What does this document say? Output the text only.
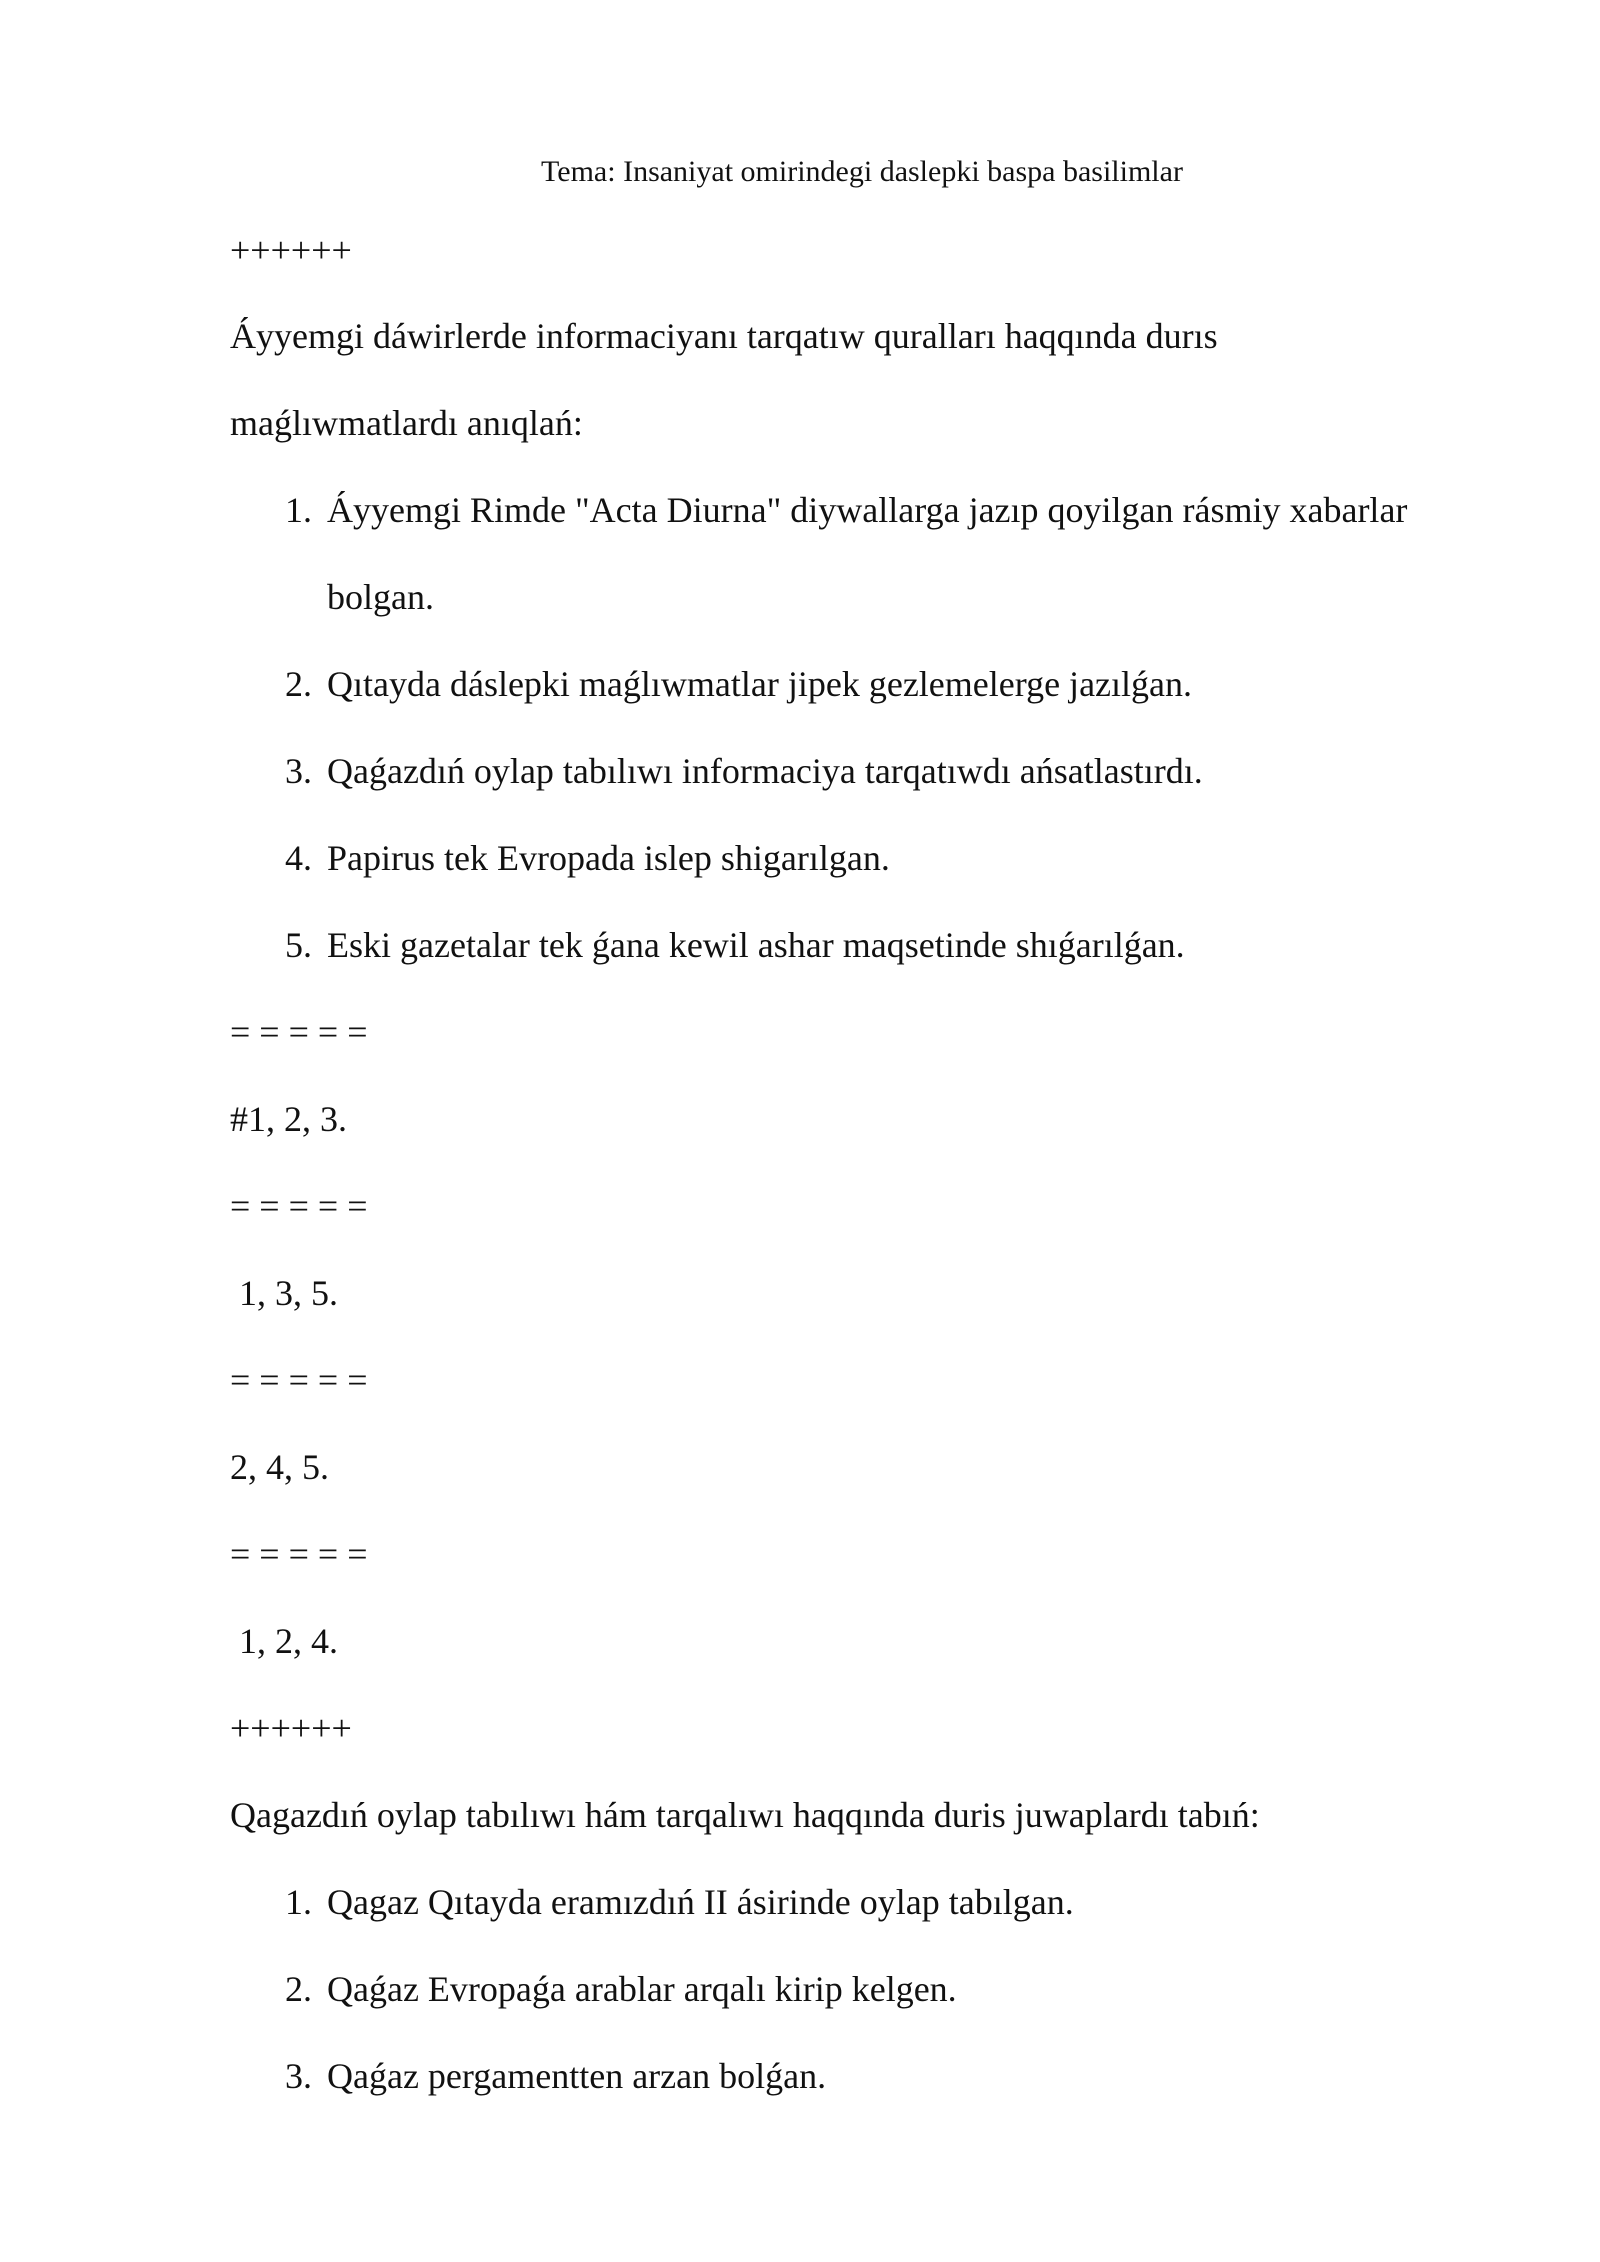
Tema: Insaniyat omirindegi daslepki baspa basilimlar
++++++
Áyyemgi dáwirlerde informaciyanı tarqatıw quralları haqqında durıs
maǵlıwmatlardı anıqlań:
1. Áyyemgi Rimde "Acta Diurna" diywallarga jazıp qoyilgan rásmiy xabarlar
bolgan.
2. Qıtayda dáslepki maǵlıwmatlar jipek gezlemelerge jazılǵan.
3. Qaǵazdıń oylap tabılıwı informaciya tarqatıwdı ańsatlastırdı.
4. Papirus tek Evropada islep shigarılgan.
5. Eski gazetalar tek ǵana kewil ashar maqsetinde shıǵarılǵan.
= = = = =
#1, 2, 3.
= = = = =
1, 3, 5.
= = = = =
2, 4, 5.
= = = = =
1, 2, 4.
++++++
Qagazdıń oylap tabılıwı hám tarqalıwı haqqında duris juwaplardı tabıń:
1. Qagaz Qıtayda eramızdıń II ásirinde oylap tabılgan.
2. Qaǵaz Evropaǵa arablar arqalı kirip kelgen.
3. Qaǵaz pergamentten arzan bolǵan.
